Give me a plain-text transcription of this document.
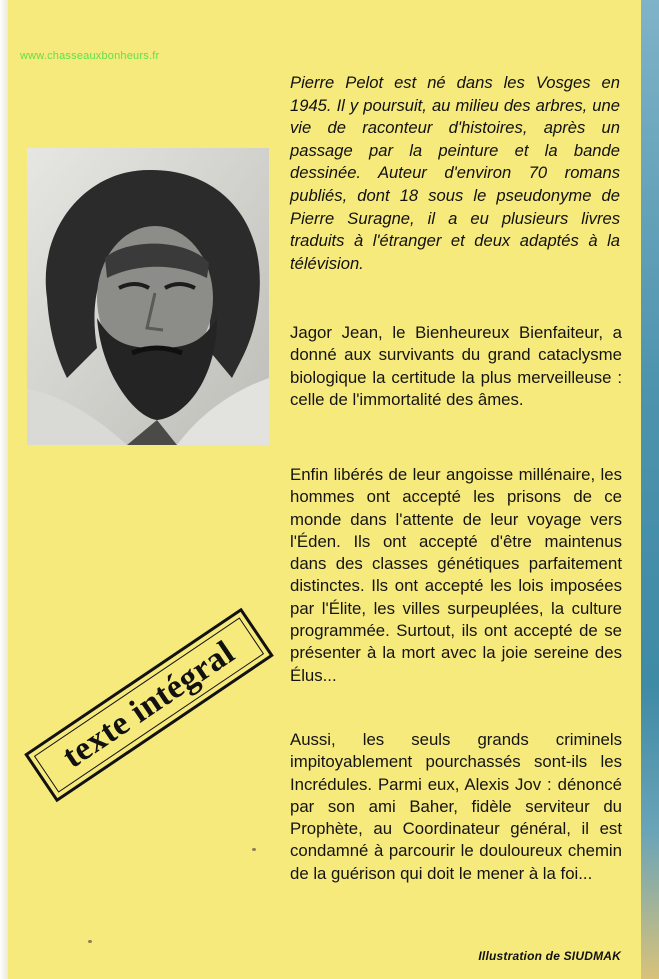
www.chasseauxbonheurs.fr
Pierre Pelot est né dans les Vosges en 1945. Il y poursuit, au milieu des arbres, une vie de raconteur d'histoires, après un passage par la peinture et la bande dessinée. Auteur d'environ 70 romans publiés, dont 18 sous le pseudonyme de Pierre Suragne, il a eu plusieurs livres traduits à l'étranger et deux adaptés à la télévision.
Jagor Jean, le Bienheureux Bienfaiteur, a donné aux survivants du grand cataclysme biologique la certitude la plus merveilleuse : celle de l'immortalité des âmes.
Enfin libérés de leur angoisse millénaire, les hommes ont accepté les prisons de ce monde dans l'attente de leur voyage vers l'Éden. Ils ont accepté d'être maintenus dans des classes génétiques parfaitement distinctes. Ils ont accepté les lois imposées par l'Élite, les villes surpeuplées, la culture programmée. Surtout, ils ont accepté de se présenter à la mort avec la joie sereine des Élus...
Aussi, les seuls grands criminels impitoyablement pourchassés sont-ils les Incrédules. Parmi eux, Alexis Jov : dénoncé par son ami Baher, fidèle serviteur du Prophète, au Coordinateur général, il est condamné à parcourir le douloureux chemin de la guérison qui doit le mener à la foi...
texte intégral
Illustration de SIUDMAK
